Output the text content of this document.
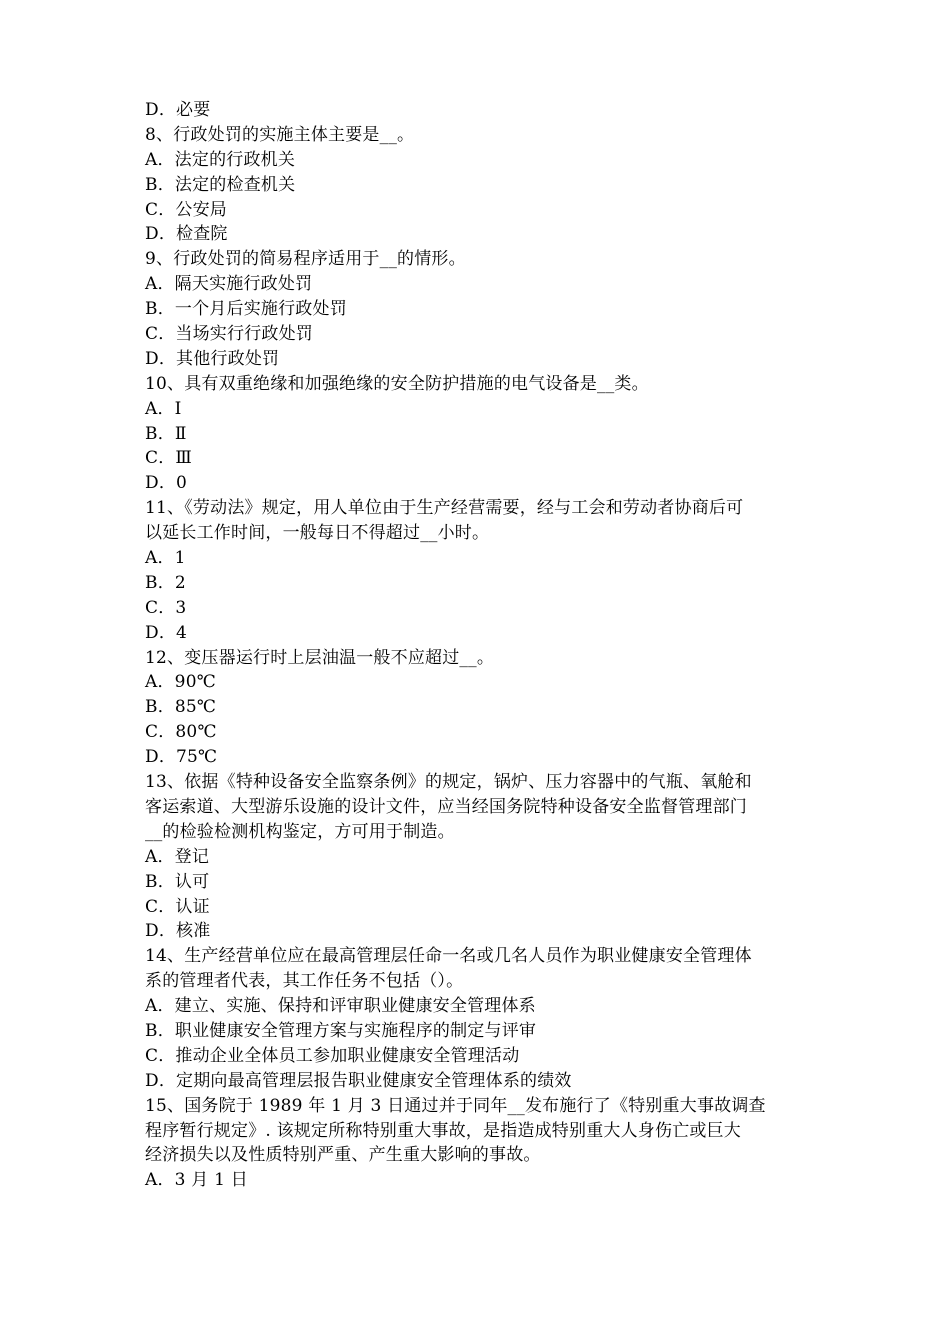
D．必要
8、行政处罚的实施主体主要是__。
A．法定的行政机关
B．法定的检查机关
C．公安局
D．检查院
9、行政处罚的简易程序适用于__的情形。
A．隔天实施行政处罚
B．一个月后实施行政处罚
C．当场实行行政处罚
D．其他行政处罚
10、具有双重绝缘和加强绝缘的安全防护措施的电气设备是__类。
A．Ⅰ
B．Ⅱ
C．Ⅲ
D．0
11、《劳动法》规定，用人单位由于生产经营需要，经与工会和劳动者协商后可
以延长工作时间，一般每日不得超过__小时。
A．1
B．2
C．3
D．4
12、变压器运行时上层油温一般不应超过__。
A．90℃
B．85℃
C．80℃
D．75℃
13、依据《特种设备安全监察条例》的规定，锅炉、压力容器中的气瓶、氧舱和
客运索道、大型游乐设施的设计文件，应当经国务院特种设备安全监督管理部门
__的检验检测机构鉴定，方可用于制造。
A．登记
B．认可
C．认证
D．核准
14、生产经营单位应在最高管理层任命一名或几名人员作为职业健康安全管理体
系的管理者代表，其工作任务不包括（）。
A．建立、实施、保持和评审职业健康安全管理体系
B．职业健康安全管理方案与实施程序的制定与评审
C．推动企业全体员工参加职业健康安全管理活动
D．定期向最高管理层报告职业健康安全管理体系的绩效
15、国务院于 1989 年 1 月 3 日通过并于同年__发布施行了《特别重大事故调查
程序暂行规定》. 该规定所称特别重大事故，是指造成特别重大人身伤亡或巨大
经济损失以及性质特别严重、产生重大影响的事故。
A．3 月 1 日
